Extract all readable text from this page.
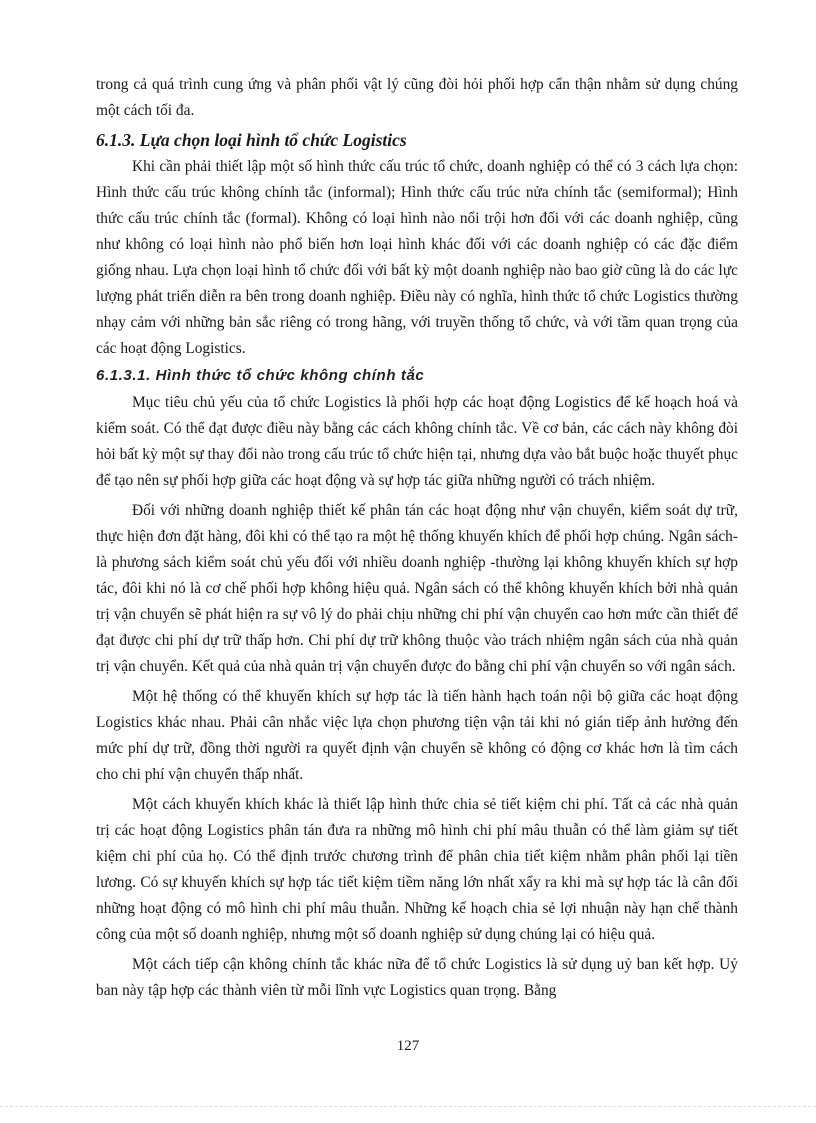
trong cả quá trình cung ứng và phân phối vật lý cũng đòi hỏi phối hợp cẩn thận nhằm sử dụng chúng một cách tối đa.

6.1.3. Lựa chọn loại hình tổ chức Logistics

Khi cần phải thiết lập một số hình thức cấu trúc tổ chức, doanh nghiệp có thể có 3 cách lựa chọn: Hình thức cấu trúc không chính tắc (informal); Hình thức cấu trúc nửa chính tắc (semiformal); Hình thức cấu trúc chính tắc (formal). Không có loại hình nào nổi trội hơn đối với các doanh nghiệp, cũng như không có loại hình nào phổ biến hơn loại hình khác đối với các doanh nghiệp có các đặc điểm giống nhau. Lựa chọn loại hình tổ chức đối với bất kỳ một doanh nghiệp nào bao giờ cũng là do các lực lượng phát triển diễn ra bên trong doanh nghiệp. Điều này có nghĩa, hình thức tổ chức Logistics thường nhạy cảm với những bản sắc riêng có trong hãng, với truyền thống tổ chức, và với tầm quan trọng của các hoạt động Logistics.

6.1.3.1. Hình thức tổ chức không chính tắc

Mục tiêu chủ yếu của tổ chức Logistics là phối hợp các hoạt động Logistics để kế hoạch hoá và kiểm soát. Có thể đạt được điều này bằng các cách không chính tắc. Về cơ bản, các cách này không đòi hỏi bất kỳ một sự thay đổi nào trong cấu trúc tổ chức hiện tại, nhưng dựa vào bắt buộc hoặc thuyết phục để tạo nên sự phối hợp giữa các hoạt động và sự hợp tác giữa những người có trách nhiệm.

Đối với những doanh nghiệp thiết kế phân tán các hoạt động như vận chuyển, kiểm soát dự trữ, thực hiện đơn đặt hàng, đôi khi có thể tạo ra một hệ thống khuyến khích để phối hợp chúng. Ngân sách- là phương sách kiểm soát chủ yếu đối với nhiều doanh nghiệp -thường lại không khuyến khích sự hợp tác, đôi khi nó là cơ chế phối hợp không hiệu quả. Ngân sách có thể không khuyến khích bởi nhà quản trị vận chuyển sẽ phát hiện ra sự vô lý do phải chịu những chi phí vận chuyển cao hơn mức cần thiết để đạt được chi phí dự trữ thấp hơn. Chi phí dự trữ không thuộc vào trách nhiệm ngân sách của nhà quản trị vận chuyển. Kết quả của nhà quản trị vận chuyển được đo bằng chi phí vận chuyển so với ngân sách.

Một hệ thống có thể khuyến khích sự hợp tác là tiến hành hạch toán nội bộ giữa các hoạt động Logistics khác nhau. Phải cân nhắc việc lựa chọn phương tiện vận tải khi nó gián tiếp ảnh hưởng đến mức phí dự trữ, đồng thời người ra quyết định vận chuyển sẽ không có động cơ khác hơn là tìm cách cho chi phí vận chuyển thấp nhất.

Một cách khuyến khích khác là thiết lập hình thức chia sẻ tiết kiệm chi phí. Tất cả các nhà quản trị các hoạt động Logistics phân tán đưa ra những mô hình chi phí mâu thuẫn có thể làm giảm sự tiết kiệm chi phí của họ. Có thể định trước chương trình để phân chia tiết kiệm nhằm phân phối lại tiền lương. Có sự khuyến khích sự hợp tác tiết kiệm tiềm năng lớn nhất xẩy ra khi mà sự hợp tác là cân đối những hoạt động có mô hình chi phí mâu thuẫn. Những kế hoạch chia sẻ lợi nhuận này hạn chế thành công của một số doanh nghiệp, nhưng một số doanh nghiệp sử dụng chúng lại có hiệu quả.

Một cách tiếp cận không chính tắc khác nữa để tổ chức Logistics là sử dụng uỷ ban kết hợp. Uỷ ban này tập hợp các thành viên từ mỗi lĩnh vực Logistics quan trọng. Bằng

127
